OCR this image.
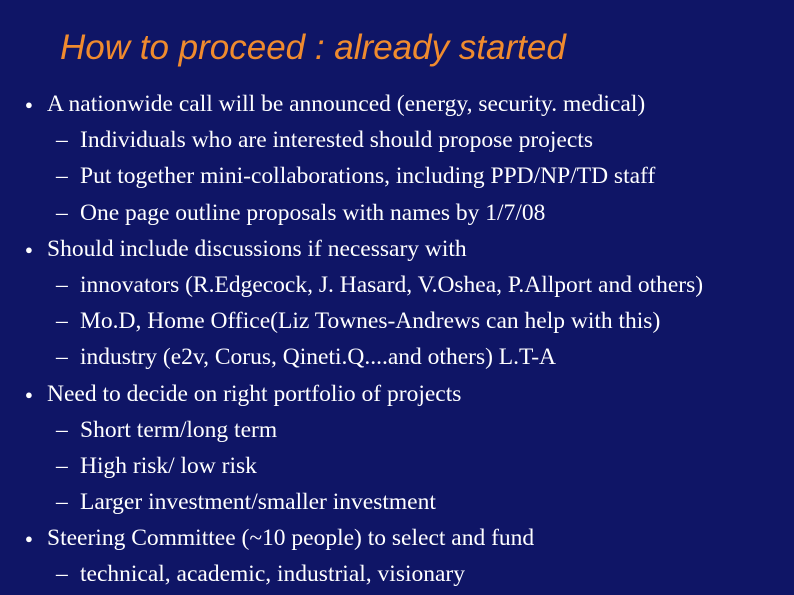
How to proceed : already started
● A nationwide call will be announced (energy, security. medical)
– Individuals who are interested should propose projects
– Put together mini-collaborations, including PPD/NP/TD staff
– One page outline proposals with names by 1/7/08
● Should include discussions if necessary with
– innovators (R.Edgecock, J. Hasard, V.Oshea, P.Allport and others)
– Mo.D, Home Office(Liz Townes-Andrews can help with this)
– industry (e2v, Corus, Qineti.Q....and others) L.T-A
● Need to decide on right portfolio of projects
– Short term/long term
– High risk/ low risk
– Larger investment/smaller investment
● Steering Committee (~10 people) to select and fund
– technical, academic, industrial, visionary
